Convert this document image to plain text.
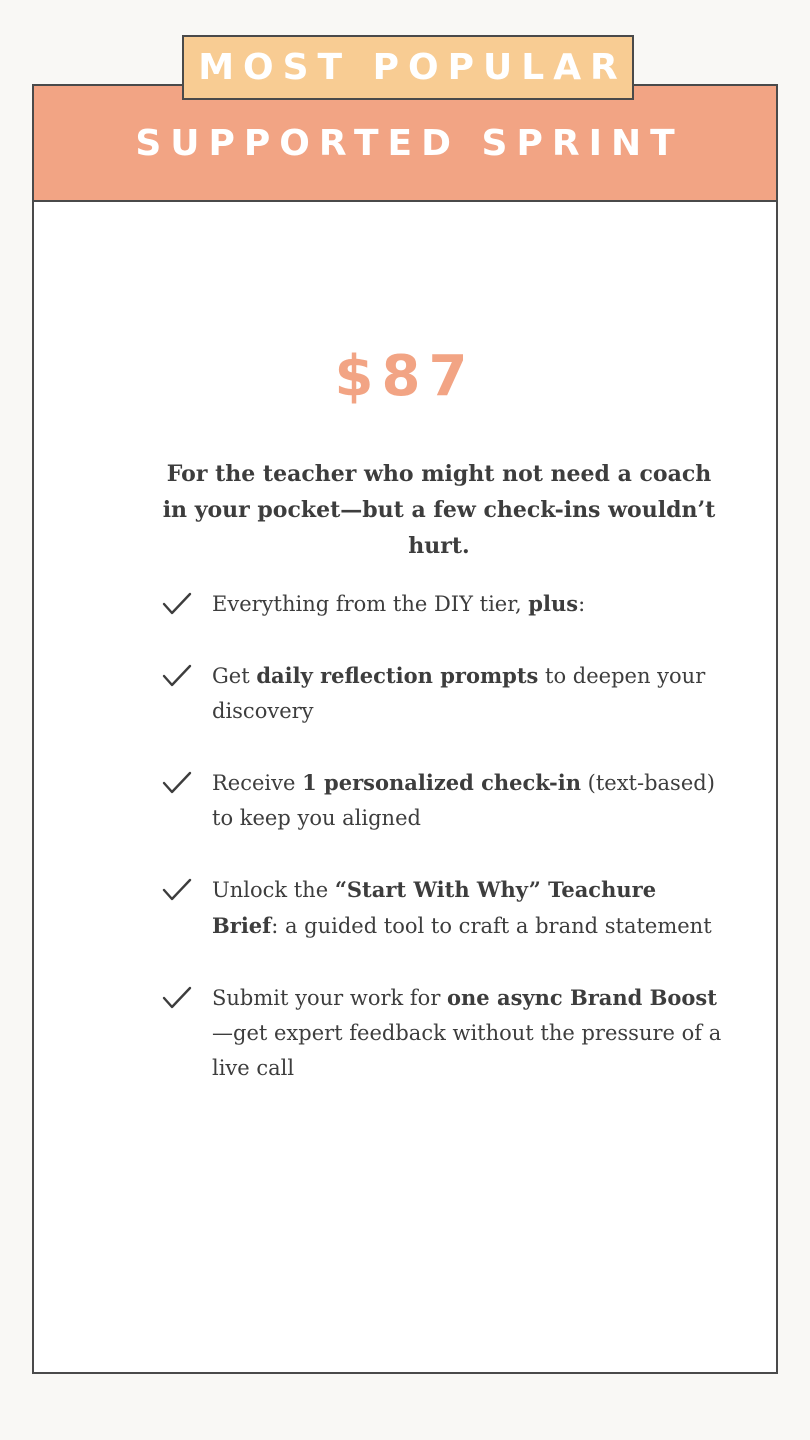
MOST POPULAR
SUPPORTED SPRINT
$87
For the teacher who might not need a coach in your pocket—but a few check-ins wouldn’t hurt.
Everything from the DIY tier, plus:
Get daily reflection prompts to deepen your discovery
Receive 1 personalized check-in (text-based) to keep you aligned
Unlock the “Start With Why” Teachure Brief: a guided tool to craft a brand statement
Submit your work for one async Brand Boost—get expert feedback without the pressure of a live call
